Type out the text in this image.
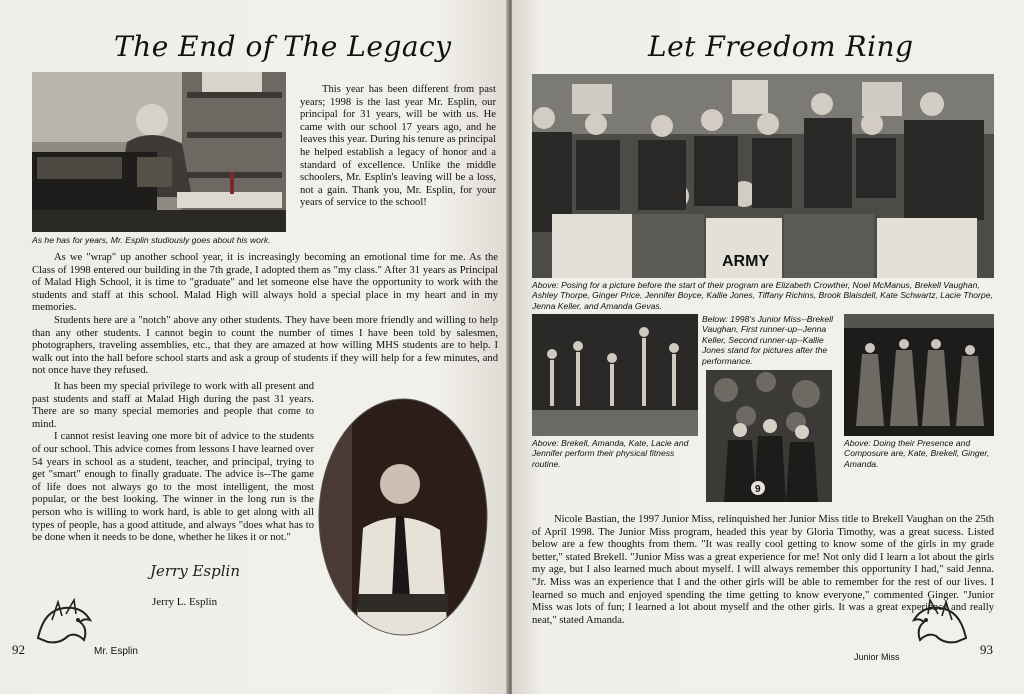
The End of The Legacy
As he has for years, Mr. Esplin studiously goes about his work.

This year has been different from past years; 1998 is the last year Mr. Esplin, our principal for 31 years, will be with us. He came with our school 17 years ago, and he leaves this year. During his tenure as principal he helped establish a legacy of honor and a standard of excellence. Unlike the middle schoolers, Mr. Esplin's leaving will be a loss, not a gain. Thank you, Mr. Esplin, for your years of service to the school!

As we "wrap" up another school year, it is increasingly becoming an emotional time for me. As the Class of 1998 entered our building in the 7th grade, I adopted them as "my class." After 31 years as Principal of Malad High School, it is time to "graduate" and let someone else have the opportunity to work with the students and staff at this school. Malad High will always hold a special place in my heart and in my memories.

Students here are a "notch" above any other students. They have been more friendly and willing to help than any other students. I cannot begin to count the number of times I have been told by salesmen, photographers, traveling assemblies, etc., that they are amazed at how willing MHS students are to help. I walk out into the hall before school starts and ask a group of students if they will help for a few minutes, and not once have they refused.

It has been my special privilege to work with all present and past students and staff at Malad High during the past 31 years. There are so many special memories and people that come to mind.

I cannot resist leaving one more bit of advice to the students of our school. This advice comes from lessons I have learned over 54 years in school as a student, teacher, and principal, trying to get "smart" enough to finally graduate. The advice is--The game of life does not always go to the most intelligent, the most popular, or the best looking. The winner in the long run is the person who is willing to work hard, is able to get along with all types of people, has a good attitude, and always "does what has to be done when it needs to be done, whether he likes it or not."

Jerry Esplin
Jerry L. Esplin
92	Mr. Esplin
Let Freedom Ring
ARMY
Above: Posing for a picture before the start of their program are Elizabeth Crowther, Noel McManus, Brekell Vaughan, Ashley Thorpe, Ginger Price, Jennifer Boyce, Kallie Jones, Tiffany Richins, Brook Blaisdell, Kate Schwartz, Lacie Thorpe, Jenna Keller, and Amanda Gevas.
Above: Brekell, Amanda, Kate, Lacie and Jennifer perform their physical fitness routine.
Below: 1998's Junior Miss--Brekell Vaughan, First runner-up--Jenna Keller, Second runner-up--Kallie Jones stand for pictures after the performance.
9
Above: Doing their Presence and Composure are, Kate, Brekell, Ginger, Amanda.

Nicole Bastian, the 1997 Junior Miss, relinquished her Junior Miss title to Brekell Vaughan on the 25th of April 1998. The Junior Miss program, headed this year by Gloria Timothy, was a great sucess. Listed below are a few thoughts from them. "It was really cool getting to know some of the girls in my grade better," stated Brekell. "Junior Miss was a great experience for me! Not only did I learn a lot about the girls my age, but I also learned much about myself. I will always remember this opportunity I had," said Jenna. "Jr. Miss was an experience that I and the other girls will be able to remember for the rest of our lives. I learned so much and enjoyed spending the time getting to know everyone," commented Ginger. "Junior Miss was lots of fun; I learned a lot about myself and the other girls. It was a great experience and really neat," stated Amanda.

Junior Miss	93
